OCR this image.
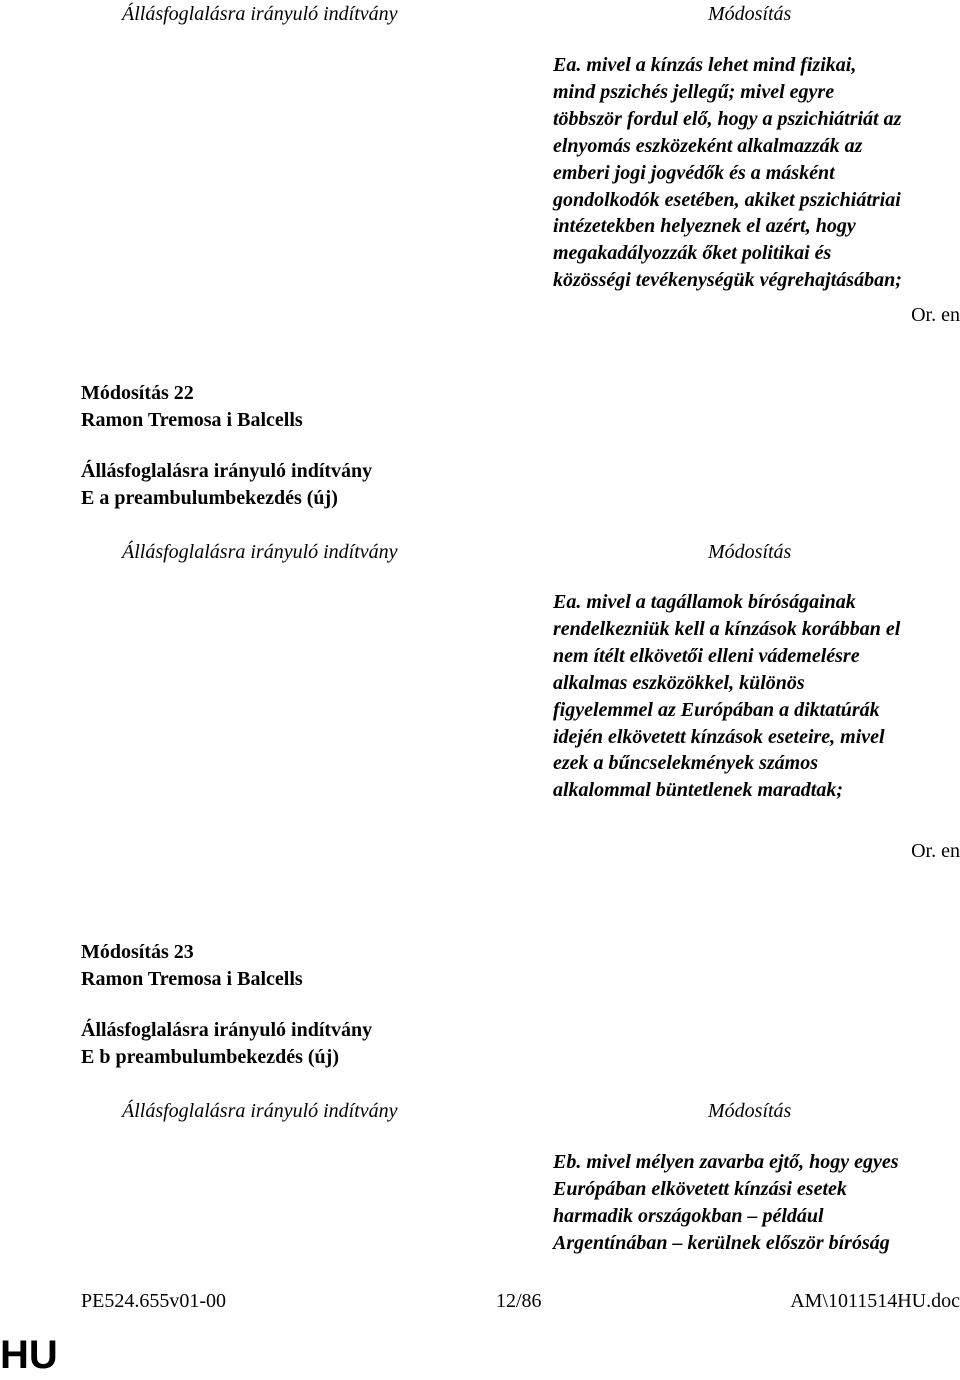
Állásfoglalásra irányuló indítvány	Módosítás

Ea. mivel a kínzás lehet mind fizikai,

mind pszichés jellegű; mivel egyre

többször fordul elő, hogy a pszichiátriát az

elnyomás eszközeként alkalmazzák az

emberi jogi jogvédők és a másként

gondolkodók esetében, akiket pszichiátriai

intézetekben helyeznek el azért, hogy

megakadályozzák őket politikai és

közösségi tevékenységük végrehajtásában;

Or. en
Módosítás 22
Ramon Tremosa i Balcells
Állásfoglalásra irányuló indítvány
E a preambulumbekezdés (új)
Állásfoglalásra irányuló indítvány	Módosítás

Ea. mivel a tagállamok bíróságainak

rendelkezniük kell a kínzások korábban el

nem ítélt elkövetői elleni vádemelésre

alkalmas eszközökkel, különös

figyelemmel az Európában a diktatúrák

idején elkövetett kínzások eseteire, mivel

ezek a bűncselekmények számos

alkalommal büntetlenek maradtak;

Or. en
Módosítás 23
Ramon Tremosa i Balcells
Állásfoglalásra irányuló indítvány
E b preambulumbekezdés (új)
Állásfoglalásra irányuló indítvány	Módosítás

Eb. mivel mélyen zavarba ejtő, hogy egyes

Európában elkövetett kínzási esetek

harmadik országokban – például

Argentínában – kerülnek először bíróság

PE524.655v01-00	12/86	AM\1011514HU.doc
HU
